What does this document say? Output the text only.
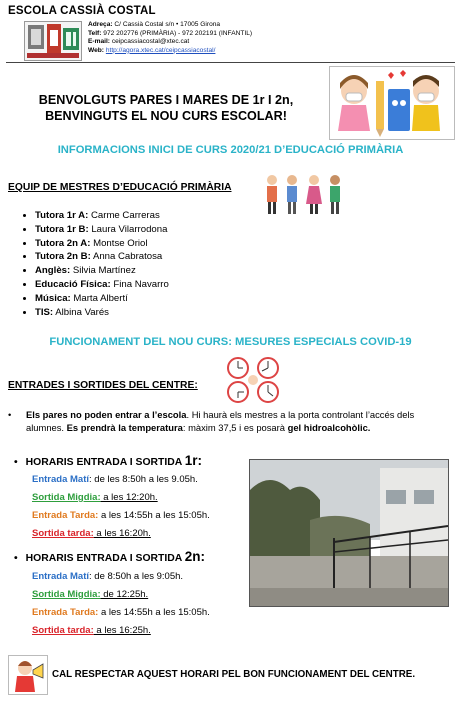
ESCOLA CASSIÀ COSTAL
Adreça: C/ Cassià Costal s/n • 17005 Girona
Telf: 972 202776 (PRIMÀRIA) - 972 202191 (INFANTIL)
E-mail: ceipcassiacostal@xtec.cat
Web: http://agora.xtec.cat/ceipcassiacostal/
BENVOLGUTS PARES I MARES DE 1r I 2n,
BENVINGUTS EL NOU CURS ESCOLAR!
INFORMACIONS INICI DE CURS 2020/21 D’EDUCACIÓ PRIMÀRIA
EQUIP DE MESTRES D’EDUCACIÓ PRIMÀRIA
• Tutora 1r A: Carme Carreras
• Tutora 1r B: Laura Vilarrodona
• Tutora 2n A: Montse Oriol
• Tutora 2n B: Anna Cabratosa
• Anglès: Silvia Martínez
• Educació Física: Fina Navarro
• Música: Marta Albertí
• TIS: Albina Varés
FUNCIONAMENT DEL NOU CURS: MESURES ESPECIALS COVID-19
ENTRADES I SORTIDES DEL CENTRE:
• Els pares no poden entrar a l’escola. Hi haurà els mestres a la porta controlant l’accés dels alumnes. Es prendrà la temperatura: màxim 37,5 i es posarà gel hidroalcohòlic.
• HORARIS ENTRADA I SORTIDA 1r:
Entrada Matí: de les 8:50h a les 9.05h.
Sortida Migdia: a les 12:20h.
Entrada Tarda: a les 14:55h a les 15:05h.
Sortida tarda: a les 16:20h.
• HORARIS ENTRADA I SORTIDA 2n:
Entrada Matí: de 8:50h a les 9:05h.
Sortida Migdia: de 12:25h.
Entrada Tarda: a les 14:55h a les 15:05h.
Sortida tarda: a les 16:25h.
CAL RESPECTAR AQUEST HORARI PEL BON FUNCIONAMENT DEL CENTRE.
